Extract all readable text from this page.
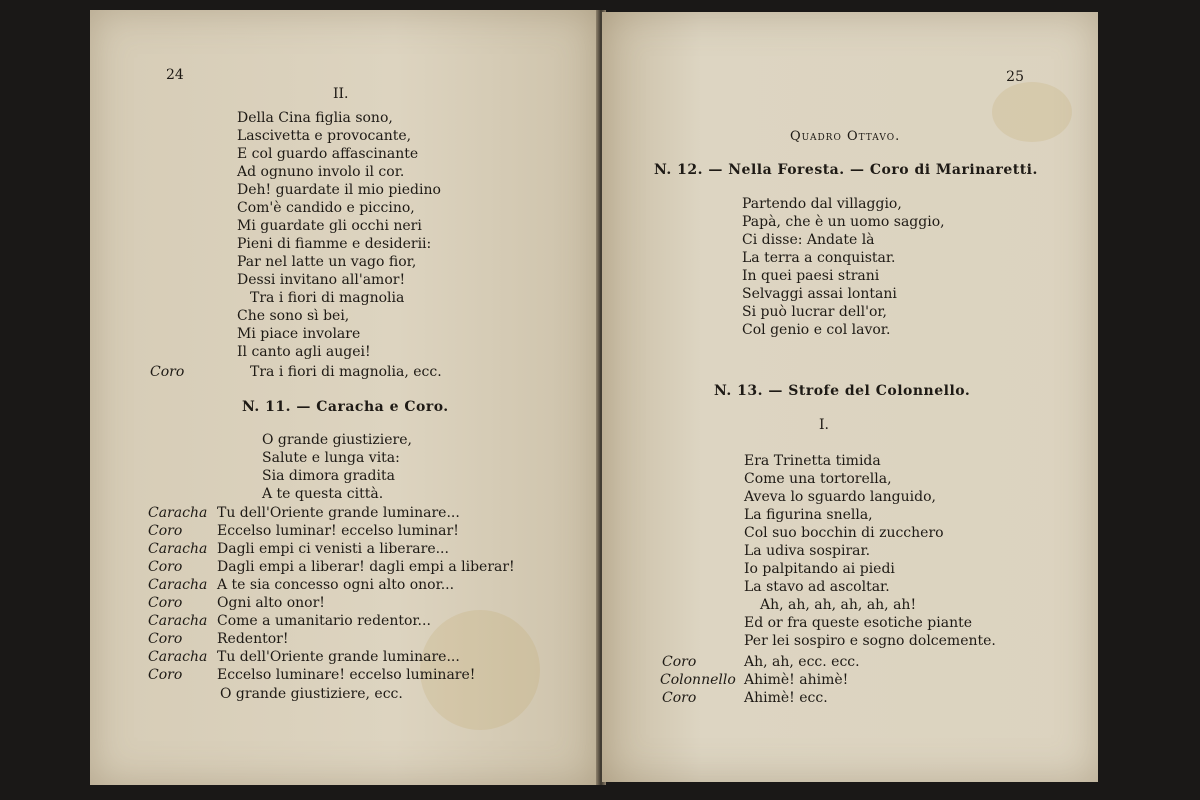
24
II.
Della Cina figlia sono,
Lascivetta e provocante,
E col guardo affascinante
Ad ognuno involo il cor.
Deh! guardate il mio piedino
Com'è candido e piccino,
Mi guardate gli occhi neri
Pieni di fiamme e desiderii:
Par nel latte un vago fior,
Dessi invitano all'amor!
Tra i fiori di magnolia
Che sono sì bei,
Mi piace involare
Il canto agli augei!
Coro	Tra i fiori di magnolia, ecc.
N. 11. — Caracha e Coro.
O grande giustiziere,
Salute e lunga vita:
Sia dimora gradita
A te questa città.
Caracha Tu dell'Oriente grande luminare...
Coro Eccelso luminar! eccelso luminar!
Caracha Dagli empi ci venisti a liberare...
Coro Dagli empi a liberar! dagli empi a liberar!
Caracha A te sia concesso ogni alto onor...
Coro Ogni alto onor!
Caracha Come a umanitario redentor...
Coro Redentor!
Caracha Tu dell'Oriente grande luminare...
Coro Eccelso luminare! eccelso luminare!
O grande giustiziere, ecc.
25
Quadro Ottavo.
N. 12. — Nella Foresta. — Coro di Marinaretti.
Partendo dal villaggio,
Papà, che è un uomo saggio,
Ci disse: Andate là
La terra a conquistar.
In quei paesi strani
Selvaggi assai lontani
Si può lucrar dell'or,
Col genio e col lavor.
N. 13. — Strofe del Colonnello.
I.
Era Trinetta timida
Come una tortorella,
Aveva lo sguardo languido,
La figurina snella,
Col suo bocchin di zucchero
La udiva sospirar.
Io palpitando ai piedi
La stavo ad ascoltar.
Ah, ah, ah, ah, ah, ah!
Ed or fra queste esotiche piante
Per lei sospiro e sogno dolcemente.
Coro	Ah, ah, ecc. ecc.
Colonnello Ahimè! ahimè!
Coro	Ahimè! ecc.
